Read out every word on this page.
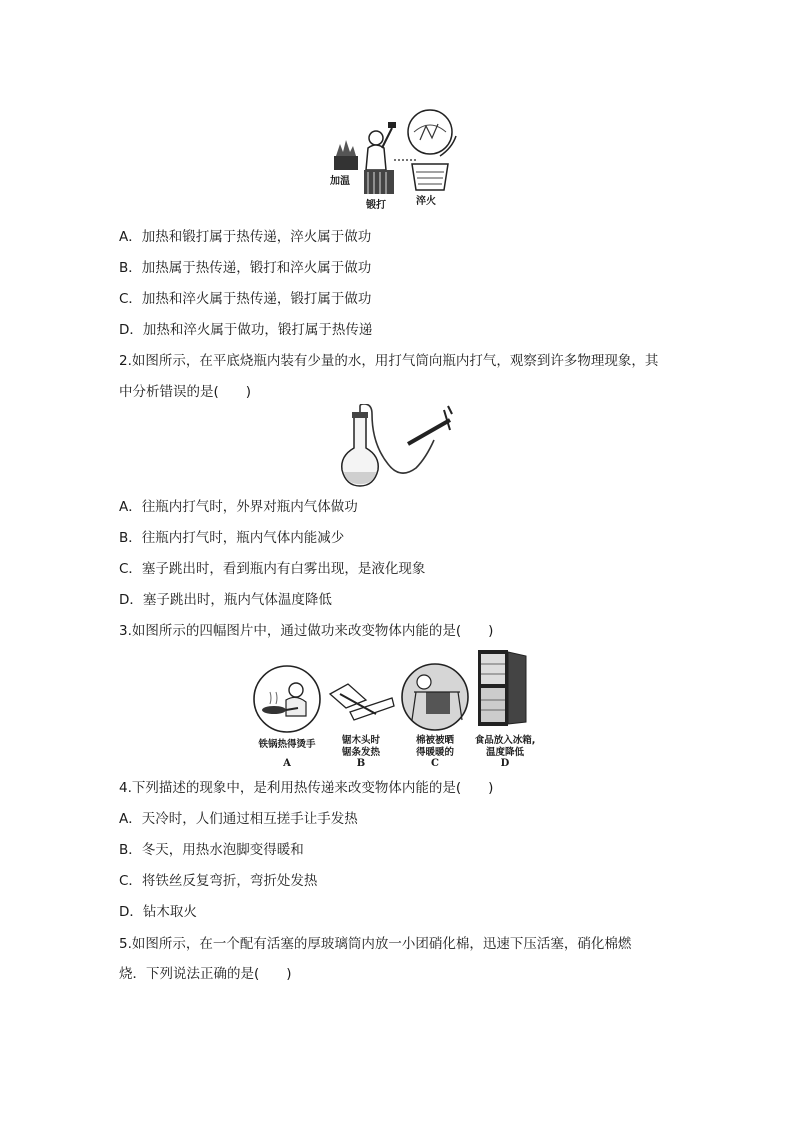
加温
锻打	淬火
A．加热和锻打属于热传递，淬火属于做功
B．加热属于热传递，锻打和淬火属于做功
C．加热和淬火属于热传递，锻打属于做功
D．加热和淬火属于做功，锻打属于热传递
2.如图所示，在平底烧瓶内装有少量的水，用打气筒向瓶内打气，观察到许多物理现象，其
中分析错误的是(　　)
A．往瓶内打气时，外界对瓶内气体做功
B．往瓶内打气时，瓶内气体内能减少
C．塞子跳出时，看到瓶内有白雾出现，是液化现象
D．塞子跳出时，瓶内气体温度降低
3.如图所示的四幅图片中，通过做功来改变物体内能的是(　　)
铁锅热得烫手	锯木头时
锯条发热
棉被被晒
得暖暖的
食品放入冰箱,
温度降低
A	B	C	D
4.下列描述的现象中，是利用热传递来改变物体内能的是(　　)
A．天冷时，人们通过相互搓手让手发热
B．冬天，用热水泡脚变得暖和
C．将铁丝反复弯折，弯折处发热
D．钻木取火
5.如图所示，在一个配有活塞的厚玻璃筒内放一小团硝化棉，迅速下压活塞，硝化棉燃
烧．下列说法正确的是(　　)
